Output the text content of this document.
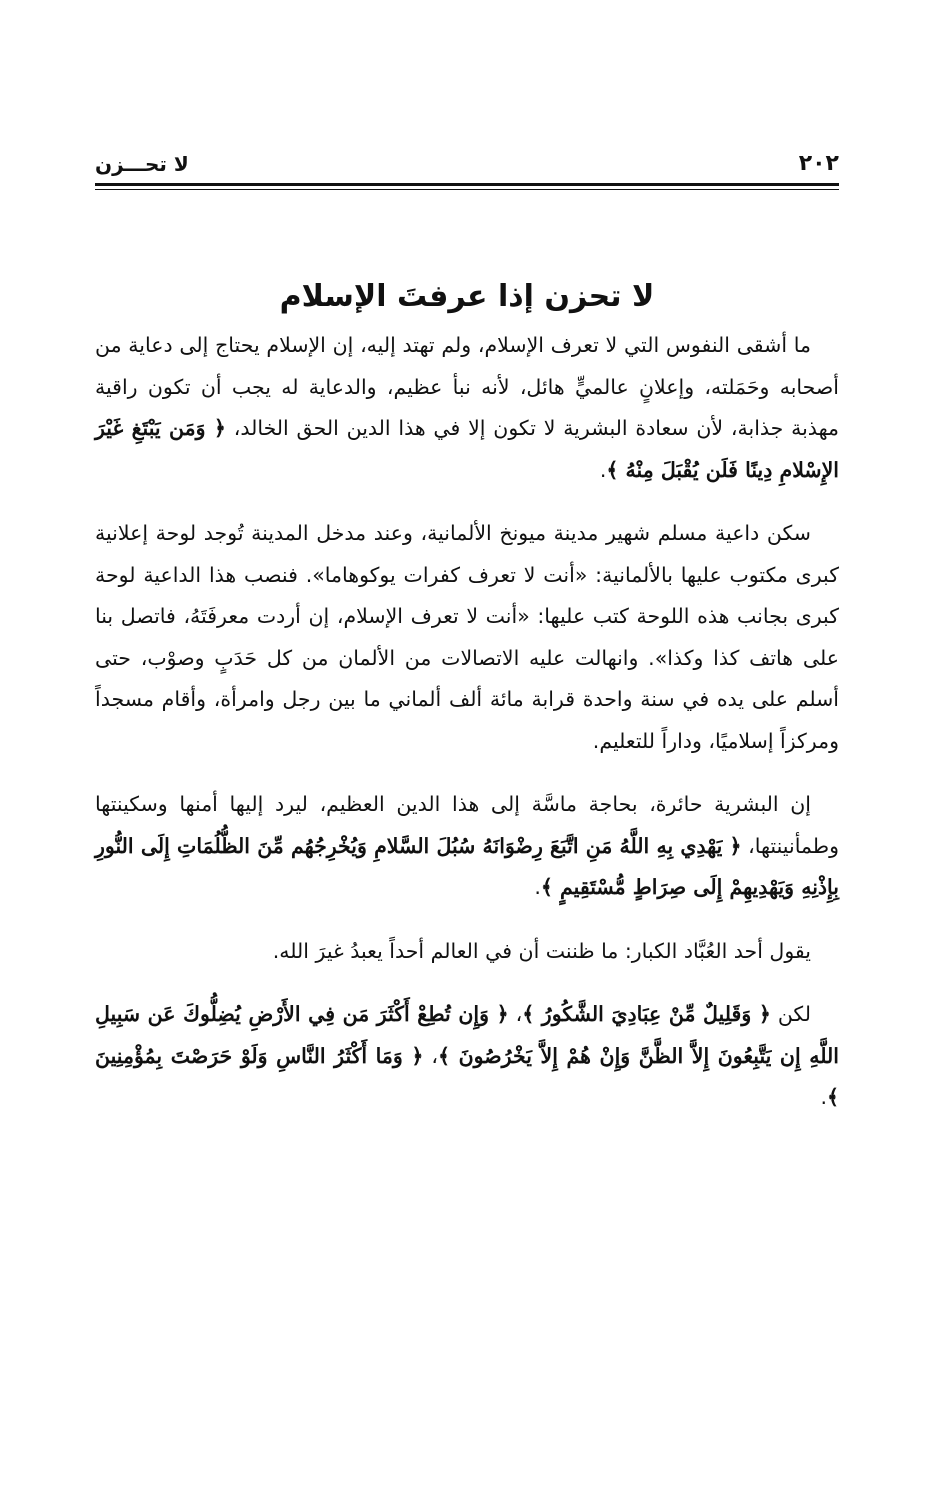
٢٠٢
لا تحـــزن
لا تحزن إذا عرفتَ الإسلام

ما أشقى النفوس التي لا تعرف الإسلام، ولم تهتد إليه، إن الإسلام يحتاج إلى دعاية من أصحابه وحَمَلته، وإعلانٍ عالميٍّ هائل، لأنه نبأ عظيم، والدعاية له يجب أن تكون راقية مهذبة جذابة، لأن سعادة البشرية لا تكون إلا في هذا الدين الحق الخالد، ﴿ وَمَن يَبْتَغِ غَيْرَ الإِسْلامِ دِينًا فَلَن يُقْبَلَ مِنْهُ ﴾.

سكن داعية مسلم شهير مدينة ميونخ الألمانية، وعند مدخل المدينة تُوجد لوحة إعلانية كبرى مكتوب عليها بالألمانية: «أنت لا تعرف كفرات يوكوهاما». فنصب هذا الداعية لوحة كبرى بجانب هذه اللوحة كتب عليها: «أنت لا تعرف الإسلام، إن أردت معرفَتَهُ، فاتصل بنا على هاتف كذا وكذا». وانهالت عليه الاتصالات من الألمان من كل حَدَبٍ وصوْب، حتى أسلم على يده في سنة واحدة قرابة مائة ألف ألماني ما بين رجل وامرأة، وأقام مسجداً ومركزاً إسلاميًا، وداراً للتعليم.

إن البشرية حائرة، بحاجة ماسَّة إلى هذا الدين العظيم، ليرد إليها أمنها وسكينتها وطمأنينتها، ﴿ يَهْدِي بِهِ اللَّهُ مَنِ اتَّبَعَ رِضْوَانَهُ سُبُلَ السَّلامِ وَيُخْرِجُهُم مِّنَ الظُّلُمَاتِ إِلَى النُّورِ بِإِذْنِهِ وَيَهْدِيهِمْ إِلَى صِرَاطٍ مُّسْتَقِيمٍ ﴾.

يقول أحد العُبَّاد الكبار: ما ظننت أن في العالم أحداً يعبدُ غيرَ الله.

لكن ﴿ وَقَلِيلٌ مِّنْ عِبَادِيَ الشَّكُورُ ﴾، ﴿ وَإِن تُطِعْ أَكْثَرَ مَن فِي الأَرْضِ يُضِلُّوكَ عَن سَبِيلِ اللَّهِ إِن يَتَّبِعُونَ إِلاَّ الظَّنَّ وَإِنْ هُمْ إِلاَّ يَخْرُصُونَ ﴾، ﴿ وَمَا أَكْثَرُ النَّاسِ وَلَوْ حَرَصْتَ بِمُؤْمِنِينَ ﴾.
